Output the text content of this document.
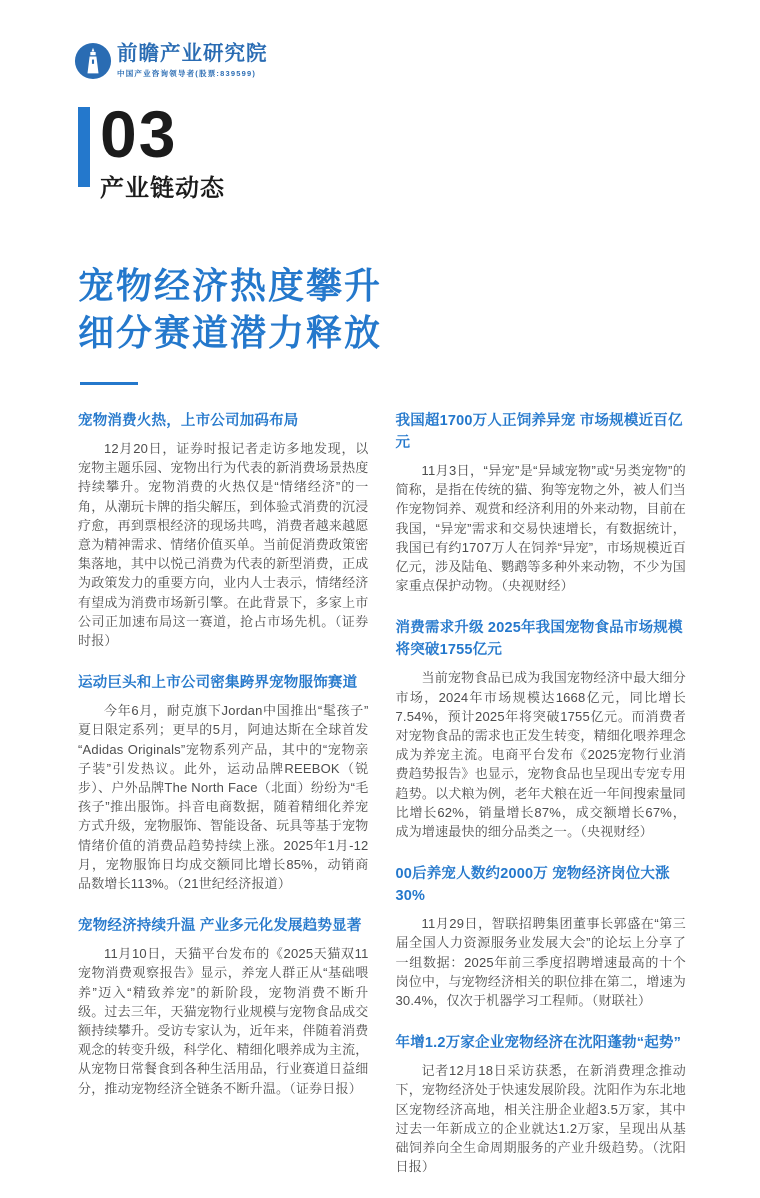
前瞻产业研究院
中国产业咨询领导者(股票:839599)
03
产业链动态
宠物经济热度攀升
细分赛道潜力释放
宠物消费火热，上市公司加码布局

12月20日，证券时报记者走访多地发现，以宠物主题乐园、宠物出行为代表的新消费场景热度持续攀升。宠物消费的火热仅是“情绪经济”的一角，从潮玩卡牌的指尖解压，到体验式消费的沉浸疗愈，再到票根经济的现场共鸣，消费者越来越愿意为精神需求、情绪价值买单。当前促消费政策密集落地，其中以悦己消费为代表的新型消费，正成为政策发力的重要方向，业内人士表示，情绪经济有望成为消费市场新引擎。在此背景下，多家上市公司正加速布局这一赛道，抢占市场先机。（证券时报）

运动巨头和上市公司密集跨界宠物服饰赛道

今年6月，耐克旗下Jordan中国推出“髦孩子”夏日限定系列；更早的5月，阿迪达斯在全球首发“Adidas Originals”宠物系列产品，其中的“宠物亲子装”引发热议。此外，运动品牌REEBOK（锐步）、户外品牌The North Face（北面）纷纷为“毛孩子”推出服饰。抖音电商数据，随着精细化养宠方式升级，宠物服饰、智能设备、玩具等基于宠物情绪价值的消费品趋势持续上涨。2025年1月-12月，宠物服饰日均成交额同比增长85%，动销商品数增长113%。（21世纪经济报道）

宠物经济持续升温 产业多元化发展趋势显著

11月10日，天猫平台发布的《2025天猫双11宠物消费观察报告》显示，养宠人群正从“基础喂养”迈入“精致养宠”的新阶段，宠物消费不断升级。过去三年，天猫宠物行业规模与宠物食品成交额持续攀升。受访专家认为，近年来，伴随着消费观念的转变升级，科学化、精细化喂养成为主流，从宠物日常餐食到各种生活用品，行业赛道日益细分，推动宠物经济全链条不断升温。（证券日报）

我国超1700万人正饲养异宠 市场规模近百亿元

11月3日，“异宠”是“异域宠物”或“另类宠物”的简称，是指在传统的猫、狗等宠物之外，被人们当作宠物饲养、观赏和经济利用的外来动物，目前在我国，“异宠”需求和交易快速增长，有数据统计，我国已有约1707万人在饲养“异宠”，市场规模近百亿元，涉及陆龟、鹦鹉等多种外来动物，不少为国家重点保护动物。（央视财经）

消费需求升级 2025年我国宠物食品市场规模将突破1755亿元

当前宠物食品已成为我国宠物经济中最大细分市场，2024年市场规模达1668亿元，同比增长7.54%，预计2025年将突破1755亿元。而消费者对宠物食品的需求也正发生转变，精细化喂养理念成为养宠主流。电商平台发布《2025宠物行业消费趋势报告》也显示，宠物食品也呈现出专宠专用趋势。以犬粮为例，老年犬粮在近一年间搜索量同比增长62%，销量增长87%，成交额增长67%，成为增速最快的细分品类之一。（央视财经）

00后养宠人数约2000万 宠物经济岗位大涨30%

11月29日，智联招聘集团董事长郭盛在“第三届全国人力资源服务业发展大会”的论坛上分享了一组数据：2025年前三季度招聘增速最高的十个岗位中，与宠物经济相关的职位排在第二，增速为30.4%，仅次于机器学习工程师。（财联社）

年增1.2万家企业宠物经济在沈阳蓬勃“起势”

记者12月18日采访获悉，在新消费理念推动下，宠物经济处于快速发展阶段。沈阳作为东北地区宠物经济高地，相关注册企业超3.5万家，其中过去一年新成立的企业就达1.2万家，呈现出从基础饲养向全生命周期服务的产业升级趋势。（沈阳日报）
